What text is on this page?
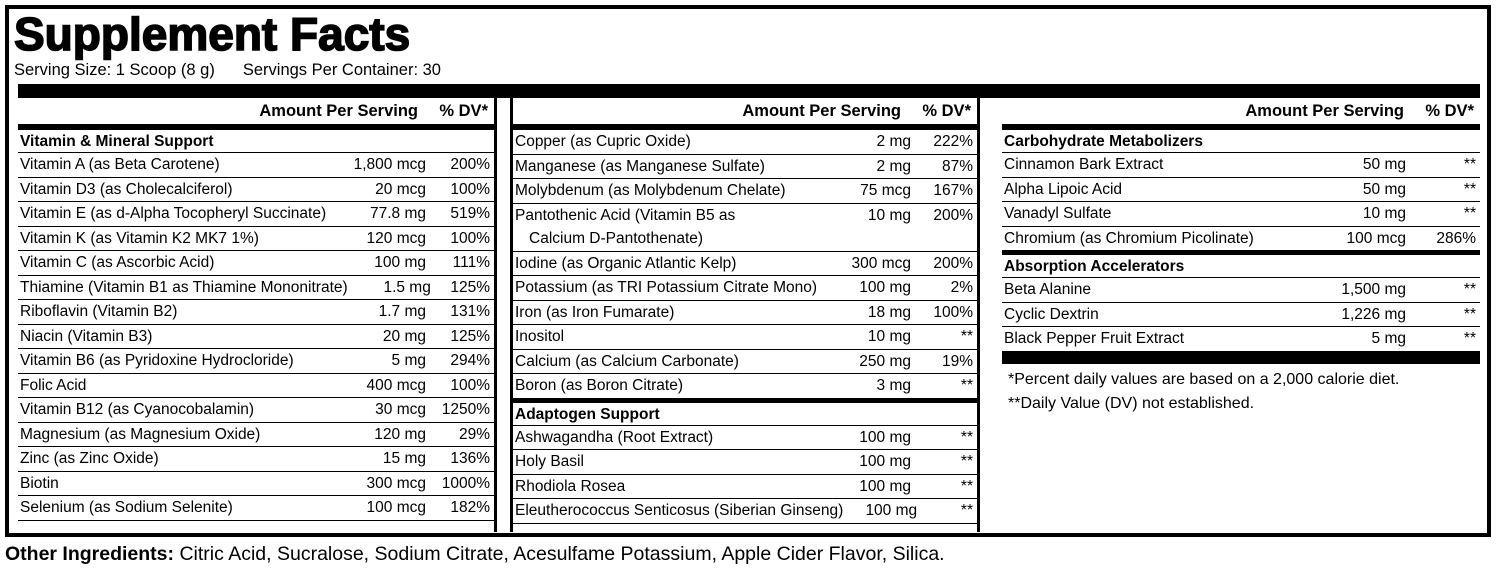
Supplement Facts
Serving Size: 1 Scoop (8 g) Servings Per Container: 30
Amount Per Serving	% DV*
Vitamin & Mineral Support
Vitamin A (as Beta Carotene)	1,800 mcg	200%
Vitamin D3 (as Cholecalciferol)	20 mcg	100%
Vitamin E (as d-Alpha Tocopheryl Succinate)	77.8 mg	519%
Vitamin K (as Vitamin K2 MK7 1%)	120 mcg	100%
Vitamin C (as Ascorbic Acid)	100 mg	111%
Thiamine (Vitamin B1 as Thiamine Mononitrate)	1.5 mg	125%
Riboflavin (Vitamin B2)	1.7 mg	131%
Niacin (Vitamin B3)	20 mg	125%
Vitamin B6 (as Pyridoxine Hydrocloride)	5 mg	294%
Folic Acid	400 mcg	100%
Vitamin B12 (as Cyanocobalamin)	30 mcg	1250%
Magnesium (as Magnesium Oxide)	120 mg	29%
Zinc (as Zinc Oxide)	15 mg	136%
Biotin	300 mcg	1000%
Selenium (as Sodium Selenite)	100 mcg	182%
Amount Per Serving	% DV*
Copper (as Cupric Oxide)	2 mg	222%
Manganese (as Manganese Sulfate)	2 mg	87%
Molybdenum (as Molybdenum Chelate)	75 mcg	167%
Pantothenic Acid (Vitamin B5 as
Calcium D-Pantothenate)
10 mg	200%
Iodine (as Organic Atlantic Kelp)	300 mcg	200%
Potassium (as TRI Potassium Citrate Mono)	100 mg	2%
Iron (as Iron Fumarate)	18 mg	100%
Inositol	10 mg	**
Calcium (as Calcium Carbonate)	250 mg	19%
Boron (as Boron Citrate)	3 mg	**
Adaptogen Support
Ashwagandha (Root Extract)	100 mg	**
Holy Basil	100 mg	**
Rhodiola Rosea	100 mg	**
Eleutherococcus Senticosus (Siberian Ginseng)	100 mg	**
Amount Per Serving	% DV*
Carbohydrate Metabolizers
Cinnamon Bark Extract	50 mg	**
Alpha Lipoic Acid	50 mg	**
Vanadyl Sulfate	10 mg	**
Chromium (as Chromium Picolinate)	100 mcg	286%
Absorption Accelerators
Beta Alanine	1,500 mg	**
Cyclic Dextrin	1,226 mg	**
Black Pepper Fruit Extract	5 mg	**
*Percent daily values are based on a 2,000 calorie diet.
**Daily Value (DV) not established.
Other Ingredients: Citric Acid, Sucralose, Sodium Citrate, Acesulfame Potassium, Apple Cider Flavor, Silica.
